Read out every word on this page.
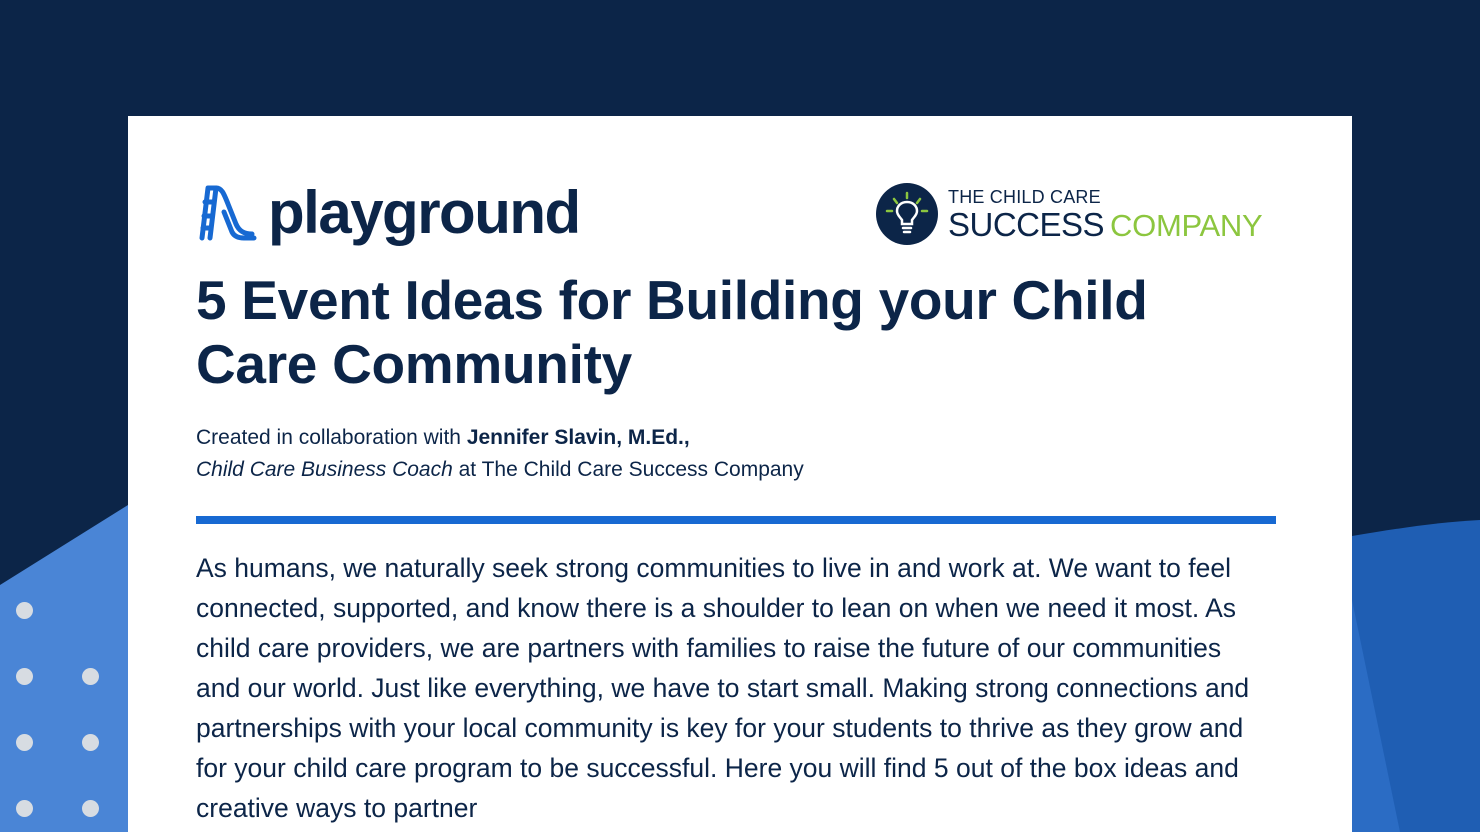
playground	THE CHILD CARE
SUCCESS COMPANY
5 Event Ideas for Building your Child Care Community
Created in collaboration with Jennifer Slavin, M.Ed.,
Child Care Business Coach at The Child Care Success Company

As humans, we naturally seek strong communities to live in and work at. We want to feel connected, supported, and know there is a shoulder to lean on when we need it most. As child care providers, we are partners with families to raise the future of our communities and our world. Just like everything, we have to start small. Making strong connections and partnerships with your local community is key for your students to thrive as they grow and for your child care program to be successful. Here you will find 5 out of the box ideas and creative ways to partner
